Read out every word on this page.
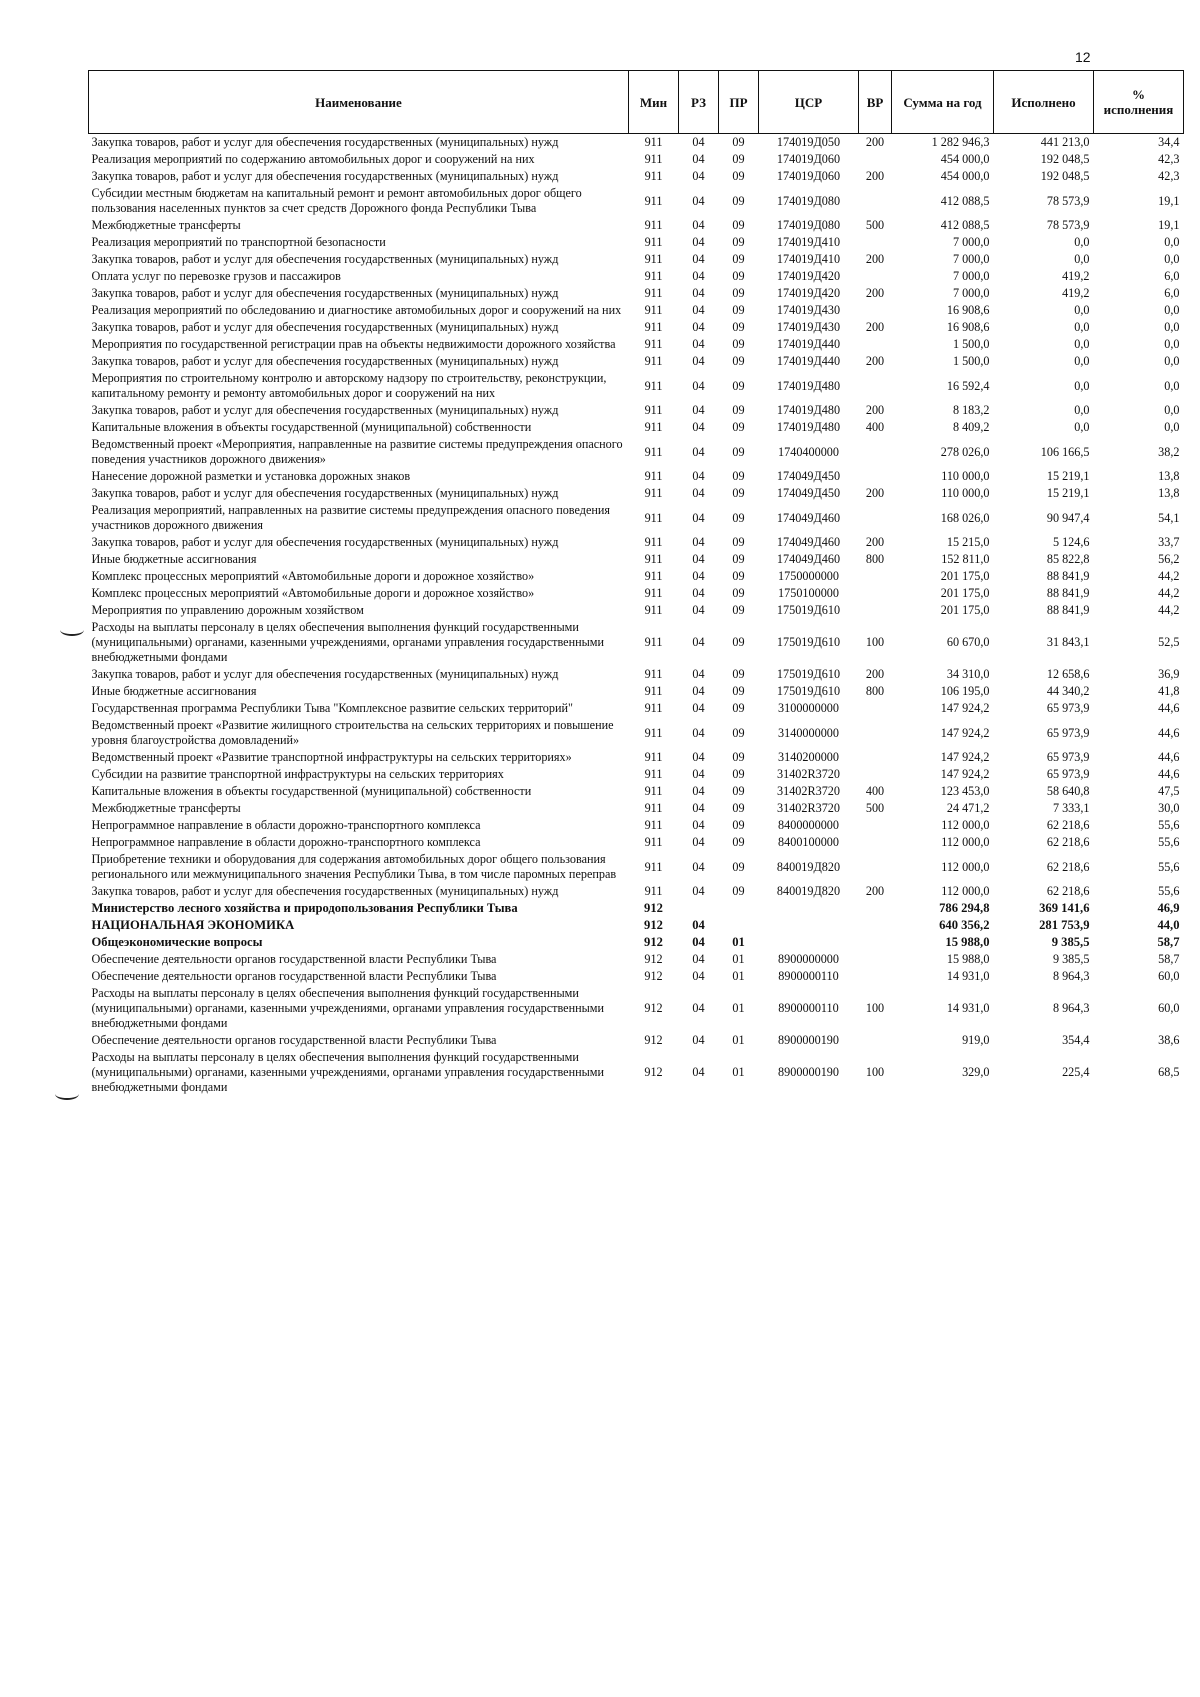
12
Наименование	Мин	РЗ	ПР	ЦСР	ВР	Сумма на год	Исполнено	% исполнения
Закупка товаров, работ и услуг для обеспечения государственных (муниципальных) нужд	911	04	09	174019Д050	200	1 282 946,3	441 213,0	34,4
Реализация мероприятий по содержанию автомобильных дорог и сооружений на них	911	04	09	174019Д060		454 000,0	192 048,5	42,3
Закупка товаров, работ и услуг для обеспечения государственных (муниципальных) нужд	911	04	09	174019Д060	200	454 000,0	192 048,5	42,3
Субсидии местным бюджетам на капитальный ремонт и ремонт автомобильных дорог общего пользования населенных пунктов за счет средств Дорожного фонда Республики Тыва	911	04	09	174019Д080		412 088,5	78 573,9	19,1
Межбюджетные трансферты	911	04	09	174019Д080	500	412 088,5	78 573,9	19,1
Реализация мероприятий по транспортной безопасности	911	04	09	174019Д410		7 000,0	0,0	0,0
Закупка товаров, работ и услуг для обеспечения государственных (муниципальных) нужд	911	04	09	174019Д410	200	7 000,0	0,0	0,0
Оплата услуг по перевозке грузов и пассажиров	911	04	09	174019Д420		7 000,0	419,2	6,0
Закупка товаров, работ и услуг для обеспечения государственных (муниципальных) нужд	911	04	09	174019Д420	200	7 000,0	419,2	6,0
Реализация мероприятий по обследованию и диагностике автомобильных дорог и сооружений на них	911	04	09	174019Д430		16 908,6	0,0	0,0
Закупка товаров, работ и услуг для обеспечения государственных (муниципальных) нужд	911	04	09	174019Д430	200	16 908,6	0,0	0,0
Мероприятия по государственной регистрации прав на объекты недвижимости дорожного хозяйства	911	04	09	174019Д440		1 500,0	0,0	0,0
Закупка товаров, работ и услуг для обеспечения государственных (муниципальных) нужд	911	04	09	174019Д440	200	1 500,0	0,0	0,0
Мероприятия по строительному контролю и авторскому надзору по строительству, реконструкции, капитальному ремонту и ремонту автомобильных дорог и сооружений на них	911	04	09	174019Д480		16 592,4	0,0	0,0
Закупка товаров, работ и услуг для обеспечения государственных (муниципальных) нужд	911	04	09	174019Д480	200	8 183,2	0,0	0,0
Капитальные вложения в объекты государственной (муниципальной) собственности	911	04	09	174019Д480	400	8 409,2	0,0	0,0
Ведомственный проект «Мероприятия, направленные на развитие системы предупреждения опасного поведения участников дорожного движения»	911	04	09	1740400000		278 026,0	106 166,5	38,2
Нанесение дорожной разметки и установка дорожных знаков	911	04	09	174049Д450		110 000,0	15 219,1	13,8
Закупка товаров, работ и услуг для обеспечения государственных (муниципальных) нужд	911	04	09	174049Д450	200	110 000,0	15 219,1	13,8
Реализация мероприятий, направленных на развитие системы предупреждения опасного поведения участников дорожного движения	911	04	09	174049Д460		168 026,0	90 947,4	54,1
Закупка товаров, работ и услуг для обеспечения государственных (муниципальных) нужд	911	04	09	174049Д460	200	15 215,0	5 124,6	33,7
Иные бюджетные ассигнования	911	04	09	174049Д460	800	152 811,0	85 822,8	56,2
Комплекс процессных мероприятий «Автомобильные дороги и дорожное хозяйство»	911	04	09	1750000000		201 175,0	88 841,9	44,2
Комплекс процессных мероприятий «Автомобильные дороги и дорожное хозяйство»	911	04	09	1750100000		201 175,0	88 841,9	44,2
Мероприятия по управлению дорожным хозяйством	911	04	09	175019Д610		201 175,0	88 841,9	44,2
Расходы на выплаты персоналу в целях обеспечения выполнения функций государственными (муниципальными) органами, казенными учреждениями, органами управления государственными внебюджетными фондами	911	04	09	175019Д610	100	60 670,0	31 843,1	52,5
Закупка товаров, работ и услуг для обеспечения государственных (муниципальных) нужд	911	04	09	175019Д610	200	34 310,0	12 658,6	36,9
Иные бюджетные ассигнования	911	04	09	175019Д610	800	106 195,0	44 340,2	41,8
Государственная программа Республики Тыва "Комплексное развитие сельских территорий"	911	04	09	3100000000		147 924,2	65 973,9	44,6
Ведомственный проект «Развитие жилищного строительства на сельских территориях и повышение уровня благоустройства домовладений»	911	04	09	3140000000		147 924,2	65 973,9	44,6
Ведомственный проект «Развитие транспортной инфраструктуры на сельских территориях»	911	04	09	3140200000		147 924,2	65 973,9	44,6
Субсидии на развитие транспортной инфраструктуры на сельских территориях	911	04	09	31402R3720		147 924,2	65 973,9	44,6
Капитальные вложения в объекты государственной (муниципальной) собственности	911	04	09	31402R3720	400	123 453,0	58 640,8	47,5
Межбюджетные трансферты	911	04	09	31402R3720	500	24 471,2	7 333,1	30,0
Непрограммное направление в области дорожно-транспортного комплекса	911	04	09	8400000000		112 000,0	62 218,6	55,6
Непрограммное направление в области дорожно-транспортного комплекса	911	04	09	8400100000		112 000,0	62 218,6	55,6
Приобретение техники и оборудования для содержания автомобильных дорог общего пользования регионального или межмуниципального значения Республики Тыва, в том числе паромных переправ	911	04	09	840019Д820		112 000,0	62 218,6	55,6
Закупка товаров, работ и услуг для обеспечения государственных (муниципальных) нужд	911	04	09	840019Д820	200	112 000,0	62 218,6	55,6
Министерство лесного хозяйства и природопользования Республики Тыва	912					786 294,8	369 141,6	46,9
НАЦИОНАЛЬНАЯ ЭКОНОМИКА	912	04				640 356,2	281 753,9	44,0
Общеэкономические вопросы	912	04	01			15 988,0	9 385,5	58,7
Обеспечение деятельности органов государственной власти Республики Тыва	912	04	01	8900000000		15 988,0	9 385,5	58,7
Обеспечение деятельности органов государственной власти Республики Тыва	912	04	01	8900000110		14 931,0	8 964,3	60,0
Расходы на выплаты персоналу в целях обеспечения выполнения функций государственными (муниципальными) органами, казенными учреждениями, органами управления государственными внебюджетными фондами	912	04	01	8900000110	100	14 931,0	8 964,3	60,0
Обеспечение деятельности органов государственной власти Республики Тыва	912	04	01	8900000190		919,0	354,4	38,6
Расходы на выплаты персоналу в целях обеспечения выполнения функций государственными (муниципальными) органами, казенными учреждениями, органами управления государственными внебюджетными фондами	912	04	01	8900000190	100	329,0	225,4	68,5
